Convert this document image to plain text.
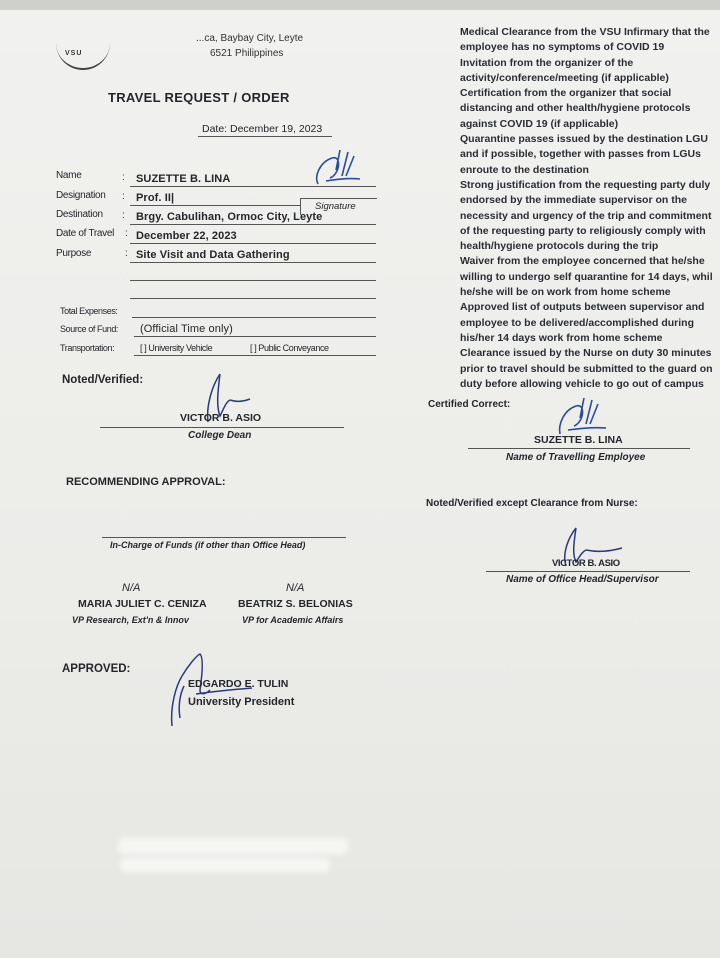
VSU
...ca, Baybay City, Leyte
6521 Philippines
TRAVEL REQUEST / ORDER
Date: December 19, 2023
Name	: SUZETTE B. LINA
Designation : Prof. II|
Signature
Destination : Brgy. Cabulihan, Ormoc City, Leyte
Date of Travel : December 22, 2023
Purpose	: Site Visit and Data Gathering
Total Expenses:
Source of Fund: (Official Time only)
Transportation:	[ ] University Vehicle	[ ] Public Conveyance
Medical Clearance from the VSU Infirmary that the
employee has no symptoms of COVID 19
Invitation from the organizer of the
activity/conference/meeting (if applicable)
Certification from the organizer that social
distancing and other health/hygiene protocols
against COVID 19 (if applicable)
Quarantine passes issued by the destination LGU
and if possible, together with passes from LGUs
enroute to the destination
Strong justification from the requesting party duly
endorsed by the immediate supervisor on the
necessity and urgency of the trip and commitment
of the requesting party to religiously comply with
health/hygiene protocols during the trip
Waiver from the employee concerned that he/she
willing to undergo self quarantine for 14 days, whil
he/she will be on work from home scheme
Approved list of outputs between supervisor and
employee to be delivered/accomplished during
his/her 14 days work from home scheme
Clearance issued by the Nurse on duty 30 minutes
prior to travel should be submitted to the guard on
duty before allowing vehicle to go out of campus
Noted/Verified:
VICTOR B. ASIO
College Dean
Certified Correct:
SUZETTE B. LINA
Name of Travelling Employee
RECOMMENDING APPROVAL:
In-Charge of Funds (if other than Office Head)
Noted/Verified except Clearance from Nurse:
VICTOR B. ASIO
Name of Office Head/Supervisor
N/A
MARIA JULIET C. CENIZA
VP Research, Ext'n & Innov
N/A
BEATRIZ S. BELONIAS
VP for Academic Affairs
APPROVED:
EDGARDO E. TULIN
University President
